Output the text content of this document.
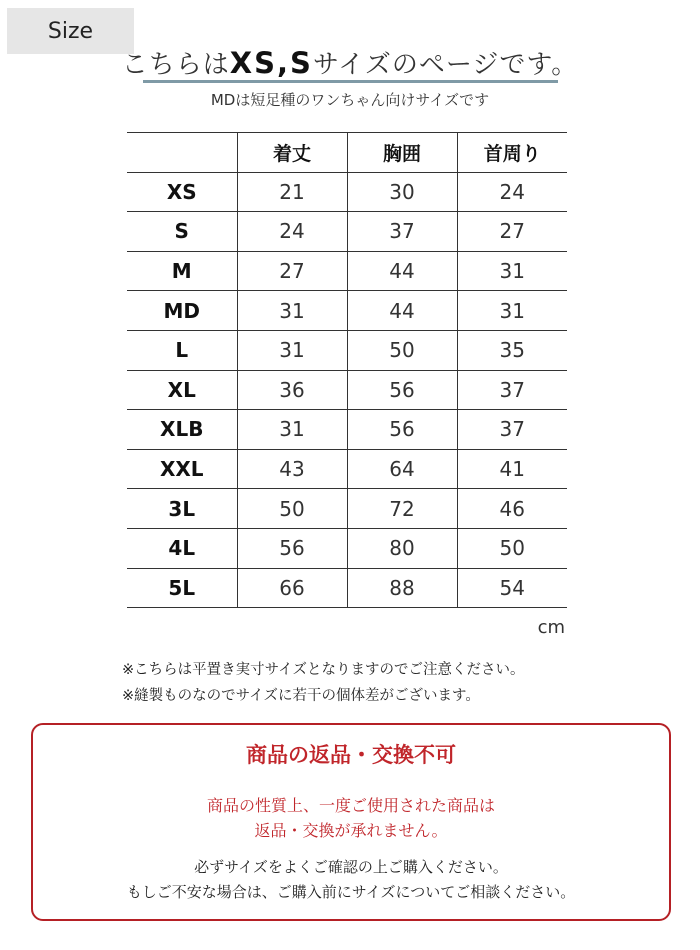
Size
こちらはXS,Sサイズのページです。
MDは短足種のワンちゃん向けサイズです
	着丈	胸囲	首周り
XS	21	30	24
S	24	37	27
M	27	44	31
MD	31	44	31
L	31	50	35
XL	36	56	37
XLB	31	56	37
XXL	43	64	41
3L	50	72	46
4L	56	80	50
5L	66	88	54
cm
※こちらは平置き実寸サイズとなりますのでご注意ください。
※縫製ものなのでサイズに若干の個体差がございます。
商品の返品・交換不可
商品の性質上、一度ご使用された商品は
返品・交換が承れません。
必ずサイズをよくご確認の上ご購入ください。
もしご不安な場合は、ご購入前にサイズについてご相談ください。
